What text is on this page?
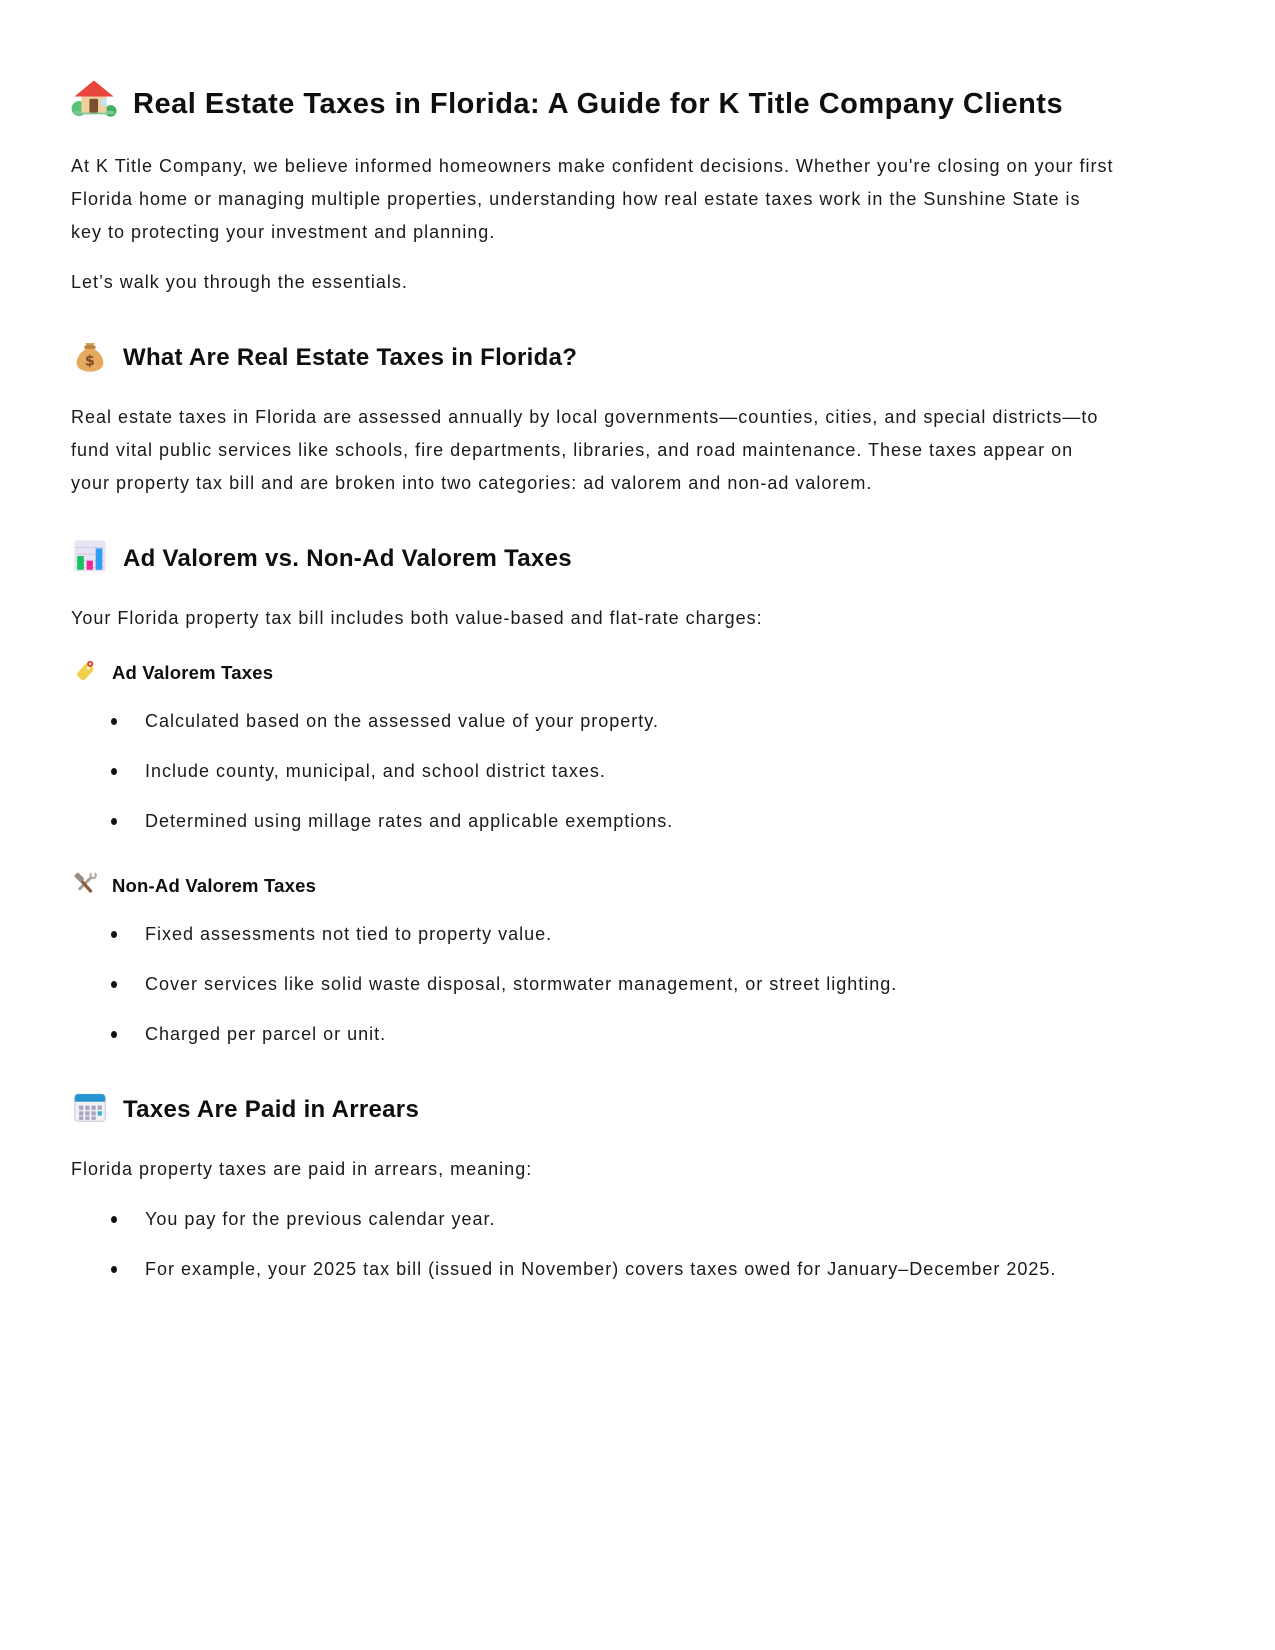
Real Estate Taxes in Florida: A Guide for K Title Company Clients

At K Title Company, we believe informed homeowners make confident decisions. Whether you're closing on your first Florida home or managing multiple properties, understanding how real estate taxes work in the Sunshine State is key to protecting your investment and planning.

Let’s walk you through the essentials.

$ What Are Real Estate Taxes in Florida?

Real estate taxes in Florida are assessed annually by local governments—counties, cities, and special districts—to fund vital public services like schools, fire departments, libraries, and road maintenance. These taxes appear on your property tax bill and are broken into two categories: ad valorem and non-ad valorem.

Ad Valorem vs. Non-Ad Valorem Taxes

Your Florida property tax bill includes both value-based and flat-rate charges:

Ad Valorem Taxes
Calculated based on the assessed value of your property.
Include county, municipal, and school district taxes.
Determined using millage rates and applicable exemptions.
Non-Ad Valorem Taxes
Fixed assessments not tied to property value.
Cover services like solid waste disposal, stormwater management, or street lighting.
Charged per parcel or unit.
Taxes Are Paid in Arrears

Florida property taxes are paid in arrears, meaning:

You pay for the previous calendar year.
For example, your 2025 tax bill (issued in November) covers taxes owed for January–December 2025.
